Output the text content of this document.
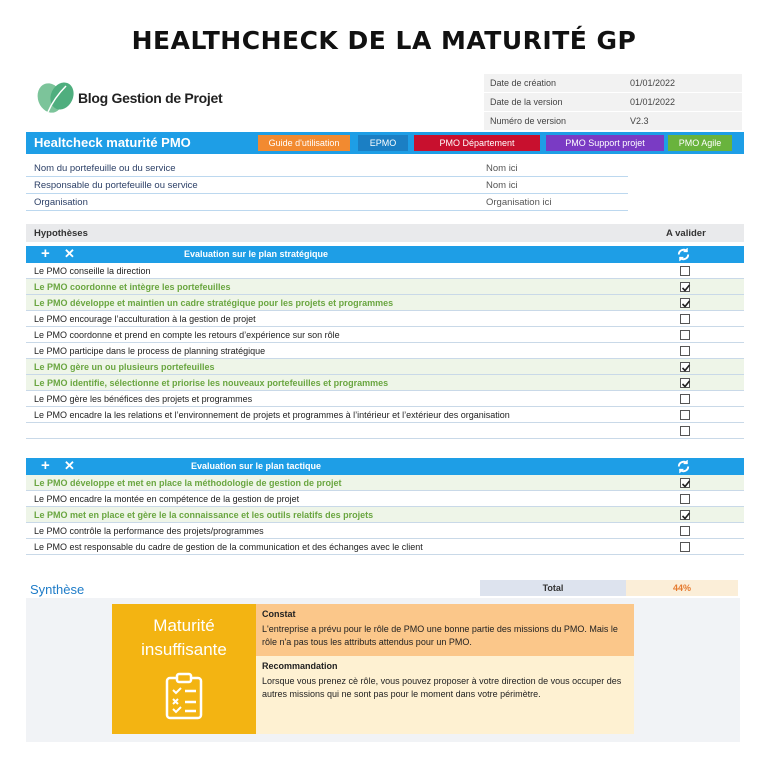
HEALTHCHECK DE LA MATURITÉ GP
Blog Gestion de Projet
Date de création	01/01/2022
Date de la version	01/01/2022
Numéro de version	V2.3
Healtcheck maturité PMO	Guide d'utilisation	EPMO	PMO Département	PMO Support projet	PMO Agile
Nom du portefeuille ou du service	Nom ici
Responsable du portefeuille ou service	Nom ici
Organisation	Organisation ici
Hypothèses	A valider
+ ✕	Evaluation sur le plan stratégique
Le PMO conseille la direction
Le PMO coordonne et intègre les portefeuilles
Le PMO développe et maintien un cadre stratégique pour les projets et programmes
Le PMO encourage l’acculturation à la gestion de projet
Le PMO coordonne et prend en compte les retours d’expérience sur son rôle
Le PMO participe dans le process de planning stratégique
Le PMO gère un ou plusieurs portefeuilles
Le PMO identifie, sélectionne et priorise les nouveaux portefeuilles et programmes
Le PMO gère les bénéfices des projets et programmes
Le PMO encadre la les relations et l’environnement de projets et programmes à l’intérieur et l’extérieur des organisation
+ ✕	Evaluation sur le plan tactique
Le PMO développe et met en place la méthodologie de gestion de projet
Le PMO encadre la montée en compétence de la gestion de projet
Le PMO met en place et gère le la connaissance et les outils relatifs des projets
Le PMO contrôle la performance des projets/programmes
Le PMO est responsable du cadre de gestion de la communication et des échanges avec le client
Synthèse	Total	44%
Maturité
insuffisante
Constat
L'entreprise a prévu pour le rôle de PMO une bonne partie des missions du PMO. Mais le rôle n'a pas tous les attributs attendus pour un PMO.
Recommandation
Lorsque vous prenez cè rôle, vous pouvez proposer à votre direction de vous occuper des autres missions qui ne sont pas pour le moment dans votre périmètre.
